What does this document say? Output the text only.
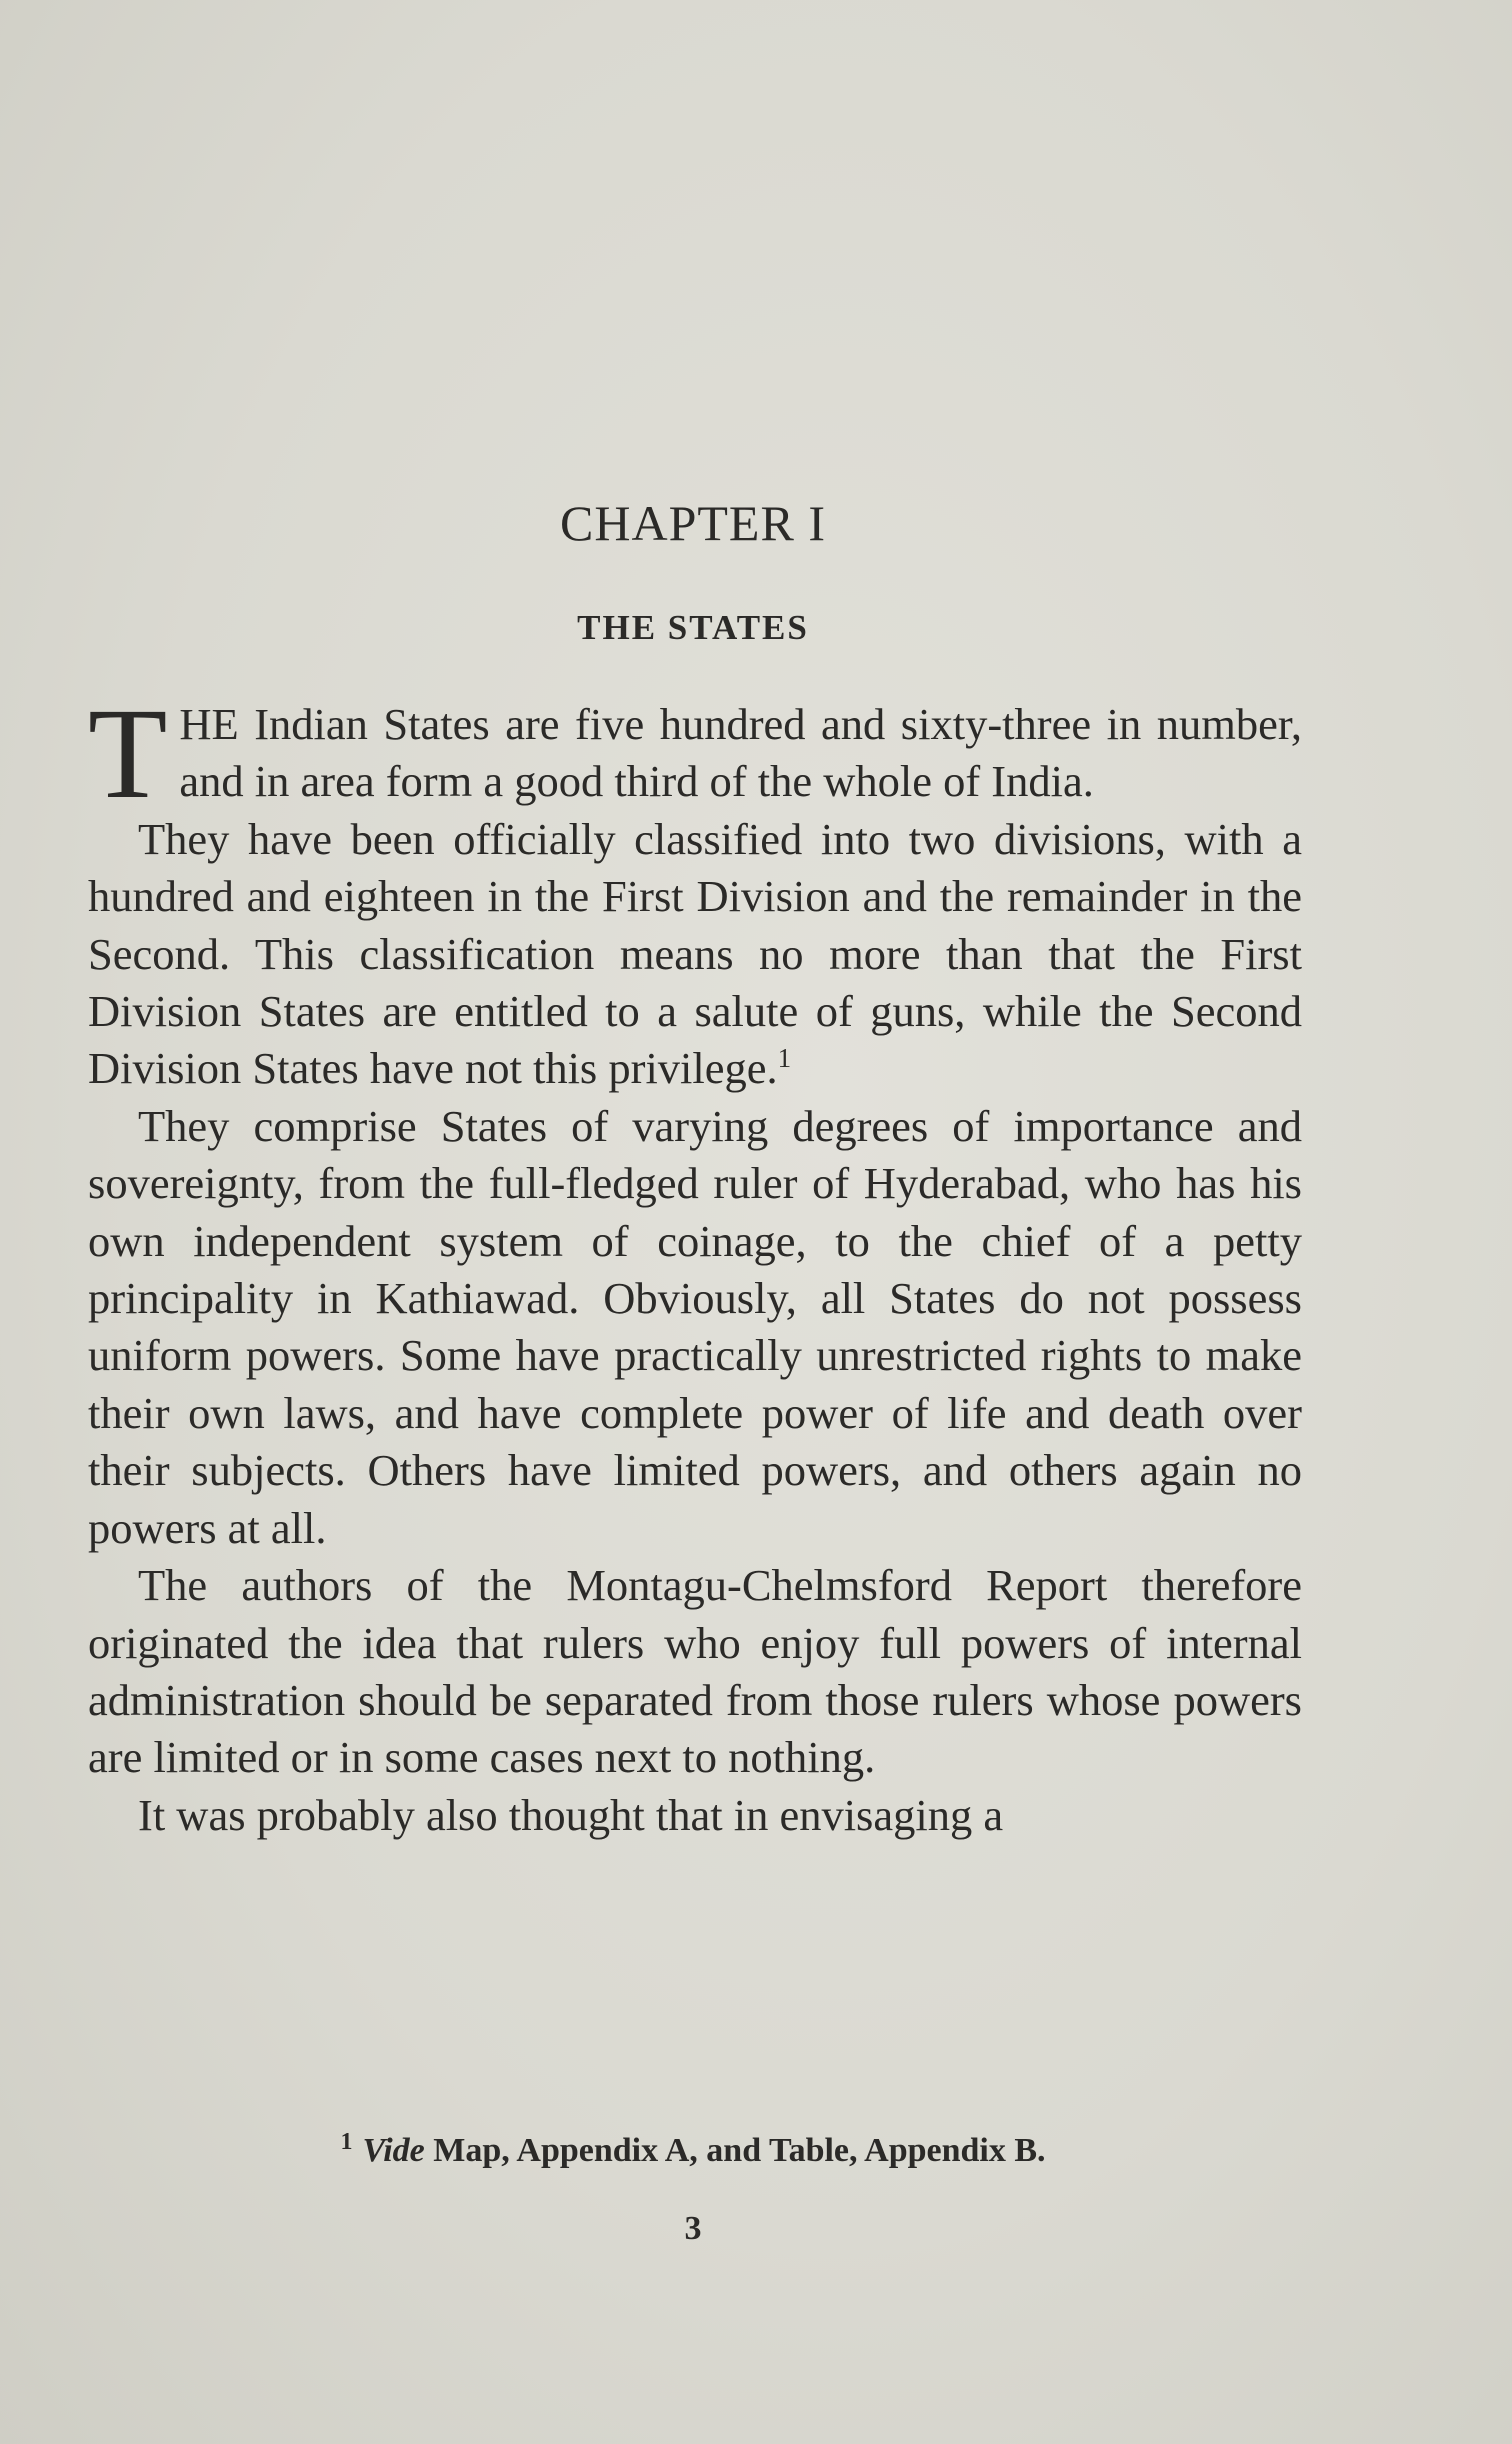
CHAPTER I
THE STATES

THE Indian States are five hundred and sixty-three in number, and in area form a good third of the whole of India.

They have been officially classified into two divisions, with a hundred and eighteen in the First Division and the remainder in the Second. This classification means no more than that the First Division States are entitled to a salute of guns, while the Second Division States have not this privilege.$^1$

They comprise States of varying degrees of importance and sovereignty, from the full-fledged ruler of Hyderabad, who has his own independent system of coinage, to the chief of a petty principality in Kathiawad. Obviously, all States do not possess uniform powers. Some have practically unrestricted rights to make their own laws, and have complete power of life and death over their subjects. Others have limited powers, and others again no powers at all.

The authors of the Montagu-Chelmsford Report therefore originated the idea that rulers who enjoy full powers of internal administration should be separated from those rulers whose powers are limited or in some cases next to nothing.

It was probably also thought that in envisaging a

$^1$ Vide Map, Appendix A, and Table, Appendix B.
3
